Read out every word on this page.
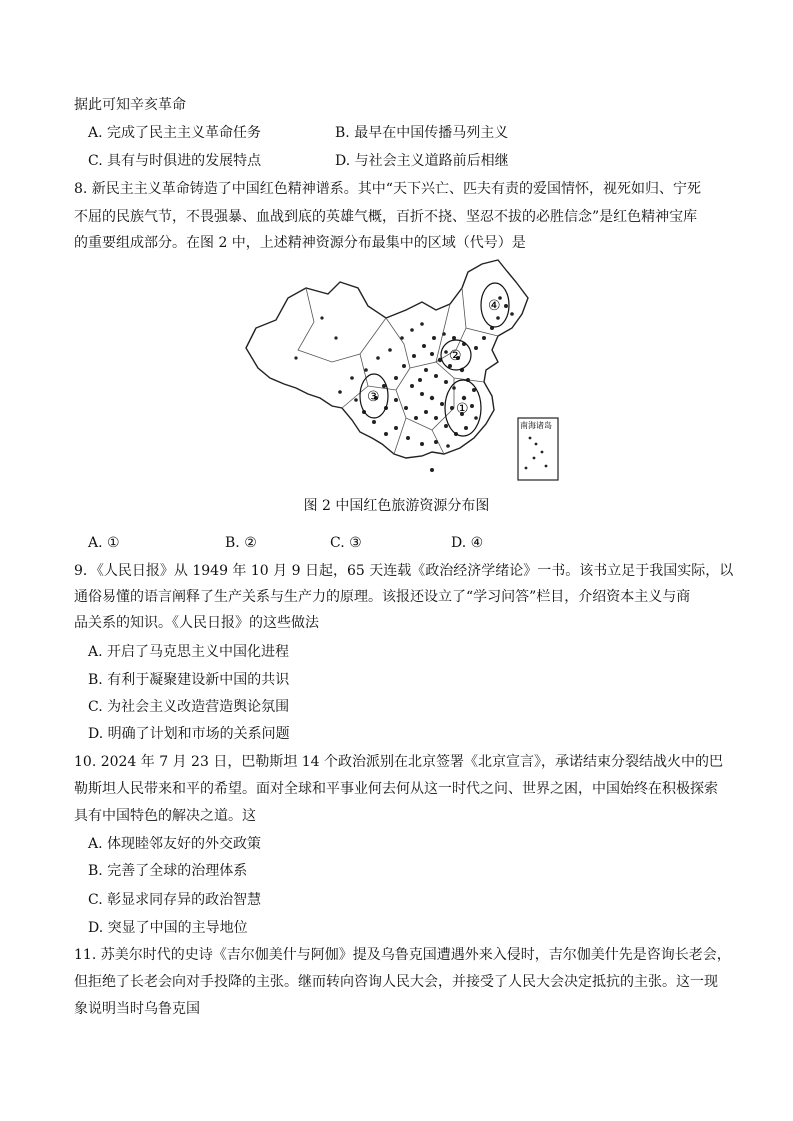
据此可知辛亥革命
A. 完成了民主主义革命任务	B. 最早在中国传播马列主义
C. 具有与时俱进的发展特点	D. 与社会主义道路前后相继
8. 新民主主义革命铸造了中国红色精神谱系。其中“天下兴亡、匹夫有责的爱国情怀，视死如归、宁死
不屈的民族气节，不畏强暴、血战到底的英雄气概，百折不挠、坚忍不拔的必胜信念”是红色精神宝库
的重要组成部分。在图 2 中，上述精神资源分布最集中的区域（代号）是
①
②
③
④
南海诸岛
图 2 中国红色旅游资源分布图
A. ①	B. ②	C. ③	D. ④
9．《人民日报》从 1949 年 10 月 9 日起，65 天连载《政治经济学绪论》一书。该书立足于我国实际，以
通俗易懂的语言阐释了生产关系与生产力的原理。该报还设立了“学习问答”栏目，介绍资本主义与商
品关系的知识。《人民日报》的这些做法
A. 开启了马克思主义中国化进程
B. 有利于凝聚建设新中国的共识
C. 为社会主义改造营造舆论氛围
D. 明确了计划和市场的关系问题
10. 2024 年 7 月 23 日，巴勒斯坦 14 个政治派别在北京签署《北京宣言》，承诺结束分裂结战火中的巴
勒斯坦人民带来和平的希望。面对全球和平事业何去何从这一时代之问、世界之困，中国始终在积极探索
具有中国特色的解决之道。这
A. 体现睦邻友好的外交政策
B. 完善了全球的治理体系
C. 彰显求同存异的政治智慧
D. 突显了中国的主导地位
11. 苏美尔时代的史诗《吉尔伽美什与阿伽》提及乌鲁克国遭遇外来入侵时，吉尔伽美什先是咨询长老会，
但拒绝了长老会向对手投降的主张。继而转向咨询人民大会，并接受了人民大会决定抵抗的主张。这一现
象说明当时乌鲁克国
